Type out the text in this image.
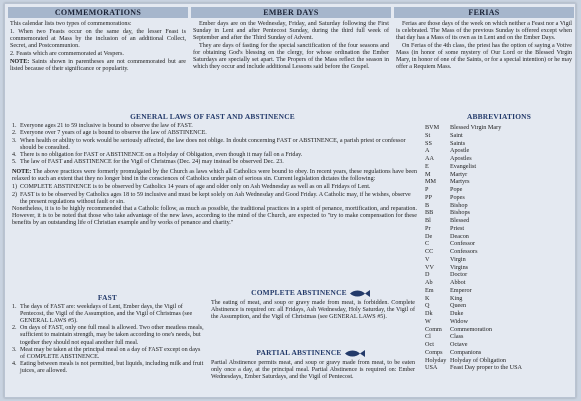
COMMEMORATIONS	EMBER DAYS	FERIAS

This calendar lists two types of commemorations:

1. When two Feasts occur on the same day, the lesser Feast is commemorated at Mass by the inclusion of an additional Collect, Secret, and Postcommunion.

2. Feasts which are commemorated at Vespers.

NOTE: Saints shown in parentheses are not commemorated but are listed because of their significance or popularity.

Ember days are on the Wednesday, Friday, and Saturday following the First Sunday in Lent and after Pentecost Sunday, during the third full week of September and after the Third Sunday of Advent.

They are days of fasting for the special sanctification of the four seasons and for obtaining God's blessing on the clergy, for whose ordination the Ember Saturdays are specially set apart. The Propers of the Mass reflect the season in which they occur and include additional Lessons said before the Gospel.

Ferias are those days of the week on which neither a Feast nor a Vigil is celebrated. The Mass of the previous Sunday is offered except when that day has a Mass of its own as in Lent and on the Ember Days.

On Ferias of the 4th class, the priest has the option of saying a Votive Mass (in honor of some mystery of Our Lord or the Blessed Virgin Mary, in honor of one of the Saints, or for a special intention) or he may offer a Requiem Mass.

GENERAL LAWS OF FAST AND ABSTINENCE
1. Everyone ages 21 to 59 inclusive is bound to observe the law of FAST.
2. Everyone over 7 years of age is bound to observe the law of ABSTINENCE.
3. When health or ability to work would be seriously affected, the law does not oblige. In doubt concerning FAST or ABSTINENCE, a parish priest or confessor should be consulted.
4. There is no obligation for FAST or ABSTINENCE on a Holyday of Obligation, even though it may fall on a Friday.
5. The law of FAST and ABSTINENCE for the Vigil of Christmas (Dec. 24) may instead be observed Dec. 23.

NOTE: The above practices were formerly promulgated by the Church as laws which all Catholics were bound to obey. In recent years, these regulations have been relaxed to such an extent that they no longer bind in the consciences of Catholics under pain of serious sin. Current legislation dictates the following:

1) COMPLETE ABSTINENCE is to be observed by Catholics 14 years of age and older only on Ash Wednesday as well as on all Fridays of Lent.
2) FAST is to be observed by Catholics ages 18 to 59 inclusive and must be kept solely on Ash Wednesday and Good Friday. A Catholic may, if he wishes, observe the present regulations without fault or sin.

Nonetheless, it is to be highly recommended that a Catholic follow, as much as possible, the traditional practices in a spirit of penance, mortification, and reparation. However, it is to be noted that those who take advantage of the new laws, according to the mind of the Church, are expected to "try to make compensation for these benefits by an outstanding life of Christian example and by works of penance and charity."

FAST
1. The days of FAST are: weekdays of Lent, Ember days, the Vigil of Pentecost, the Vigil of the Assumption, and the Vigil of Christmas (see GENERAL LAWS #5).
2. On days of FAST, only one full meal is allowed. Two other meatless meals, sufficient to maintain strength, may be taken according to one's needs, but together they should not equal another full meal.
3. Meat may be taken at the principal meal on a day of FAST except on days of COMPLETE ABSTINENCE.
4. Eating between meals is not permitted, but liquids, including milk and fruit juices, are allowed.
COMPLETE ABSTINENCE

The eating of meat, and soup or gravy made from meat, is forbidden. Complete Abstinence is required on: all Fridays, Ash Wednesday, Holy Saturday, the Vigil of the Assumption, and the Vigil of Christmas (see GENERAL LAWS #5).

PARTIAL ABSTINENCE

Partial Abstinence permits meat, and soup or gravy made from meat, to be eaten only once a day, at the principal meal. Partial Abstinence is required on: Ember Wednesdays, Ember Saturdays, and the Vigil of Pentecost.

ABBREVIATIONS
BVM	Blessed Virgin Mary
St	Saint
SS	Saints
A	Apostle
AA	Apostles
E	Evangelist
M	Martyr
MM	Martyrs
P	Pope
PP	Popes
B	Bishop
BB	Bishops
Bl	Blessed
Pr	Priest
De	Deacon
C	Confessor
CC	Confessors
V	Virgin
VV	Virgins
D	Doctor
Ab	Abbot
Em	Emperor
K	King
Q	Queen
Dk	Duke
W	Widow
Comm	Commemoration
Cl	Class
Oct	Octave
Comps	Companions
Holyday Holyday of Obligation
USA	Feast Day proper to the USA
